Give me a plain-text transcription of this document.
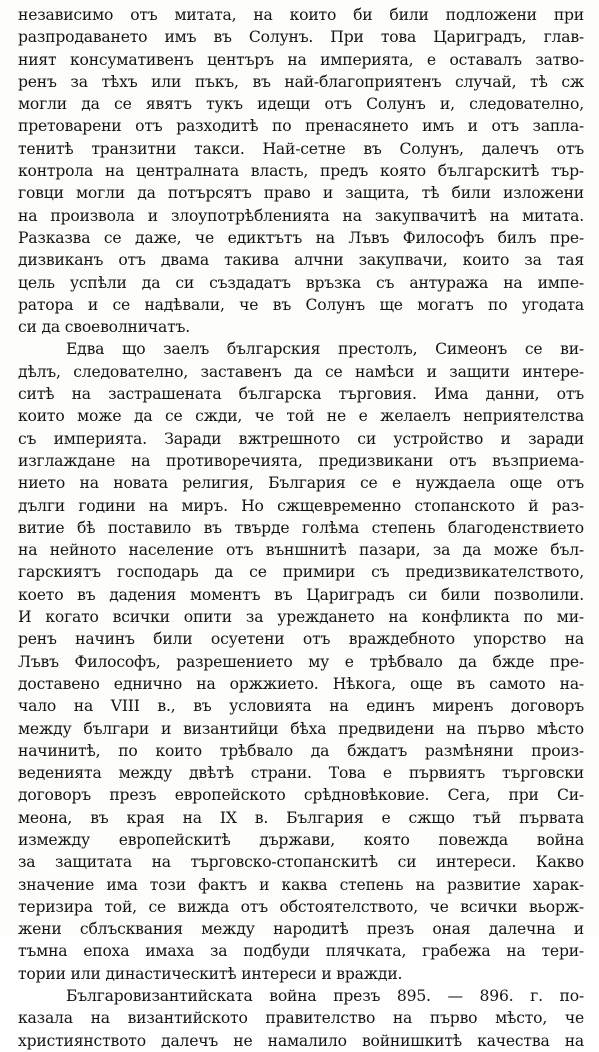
независимо отъ митата, на които би били подложени при
разпродаването имъ въ Солунъ. При това Цариградъ, глав-
ният консумативенъ центъръ на империята, е оставалъ затво-
ренъ за тѣхъ или пъкъ, въ най-благоприятенъ случай, тѣ сж
могли да се явятъ тукъ идещи отъ Солунъ и, следователно,
претоварени отъ разходитѣ по пренасянето имъ и отъ запла-
тенитѣ транзитни такси. Най-сетне въ Солунъ, далечъ отъ
контрола на централната власть, предъ която българскитѣ тър-
говци могли да потърсятъ право и защита, тѣ били изложени
на произвола и злоупотрѣбленията на закупвачитѣ на митата.
Разказва се даже, че едиктътъ на Лъвъ Философъ билъ пре-
дизвиканъ отъ двама такива алчни закупвачи, които за тая
цель успѣли да си създадатъ връзка съ антуража на импе-
ратора и се надѣвали, че въ Солунъ ще могатъ по угодата
си да своеволничатъ.
Едва що заелъ българския престолъ, Симеонъ се ви-
дѣлъ, следователно, заставенъ да се намѣси и защити интере-
ситѣ на застрашената българска търговия. Има данни, отъ
които може да се сжди, че той не е желаелъ неприятелства
съ империята. Заради вжтрешното си устройство и заради
изглаждане на противоречията, предизвикани отъ възприема-
нието на новата религия, България се е нуждаела още отъ
дълги години на миръ. Но сжщевременно стопанското й раз-
витие бѣ поставило въ твърде голѣма степень благоденствието
на нейното население отъ външнитѣ пазари, за да може бъл-
гарскиятъ господарь да се примири съ предизвикателството,
което въ дадения моментъ въ Цариградъ си били позволили.
И когато всички опити за уреждането на конфликта по ми-
ренъ начинъ били осуетени отъ враждебното упорство на
Лъвъ Философъ, разрешението му е трѣбвало да бжде пре-
доставено еднично на оржжието. Нѣкога, още въ самото на-
чало на VIII в., въ условията на единъ миренъ договоръ
между българи и византийци бѣха предвидени на първо мѣсто
начинитѣ, по които трѣбвало да бждатъ размѣняни произ-
веденията между двѣтѣ страни. Това е първиятъ търговски
договоръ презъ европейското срѣдновѣковие. Сега, при Си-
меона, въ края на IX в. България е сжщо тъй първата
измежду европейскитѣ държави, която повежда война
за защитата на търговско-стопанскитѣ си интереси. Какво
значение има този фактъ и каква степень на развитие харак-
теризира той, се вижда отъ обстоятелството, че всички вьорж-
жени сблъсквания между народитѣ презъ оная далечна и
тъмна епоха имаха за подбуди плячката, грабежа на тери-
тории или династическитѣ интереси и вражди.
Българовизантийската война презъ 895. — 896. г. по-
казала на византийското правителство на първо мѣсто, че
християнството далечъ не намалило войнишкитѣ качества на
